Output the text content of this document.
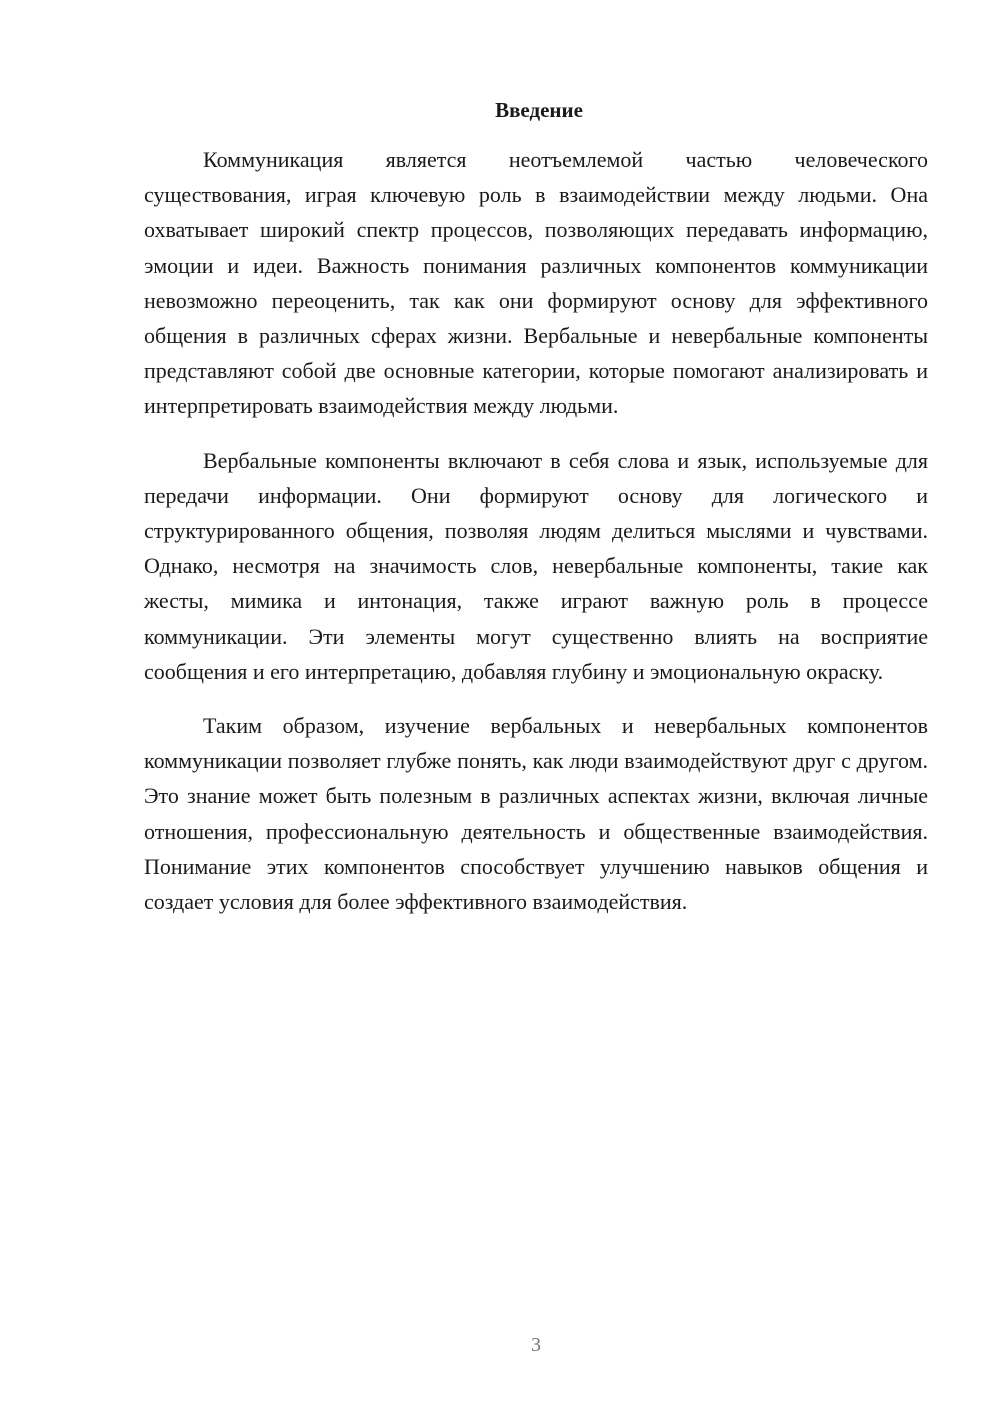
Введение

Коммуникация является неотъемлемой частью человеческого существования, играя ключевую роль в взаимодействии между людьми. Она охватывает широкий спектр процессов, позволяющих передавать информацию, эмоции и идеи. Важность понимания различных компонентов коммуникации невозможно переоценить, так как они формируют основу для эффективного общения в различных сферах жизни. Вербальные и невербальные компоненты представляют собой две основные категории, которые помогают анализировать и интерпретировать взаимодействия между людьми.

Вербальные компоненты включают в себя слова и язык, используемые для передачи информации. Они формируют основу для логического и структурированного общения, позволяя людям делиться мыслями и чувствами. Однако, несмотря на значимость слов, невербальные компоненты, такие как жесты, мимика и интонация, также играют важную роль в процессе коммуникации. Эти элементы могут существенно влиять на восприятие сообщения и его интерпретацию, добавляя глубину и эмоциональную окраску.

Таким образом, изучение вербальных и невербальных компонентов коммуникации позволяет глубже понять, как люди взаимодействуют друг с другом. Это знание может быть полезным в различных аспектах жизни, включая личные отношения, профессиональную деятельность и общественные взаимодействия. Понимание этих компонентов способствует улучшению навыков общения и создает условия для более эффективного взаимодействия.

3
